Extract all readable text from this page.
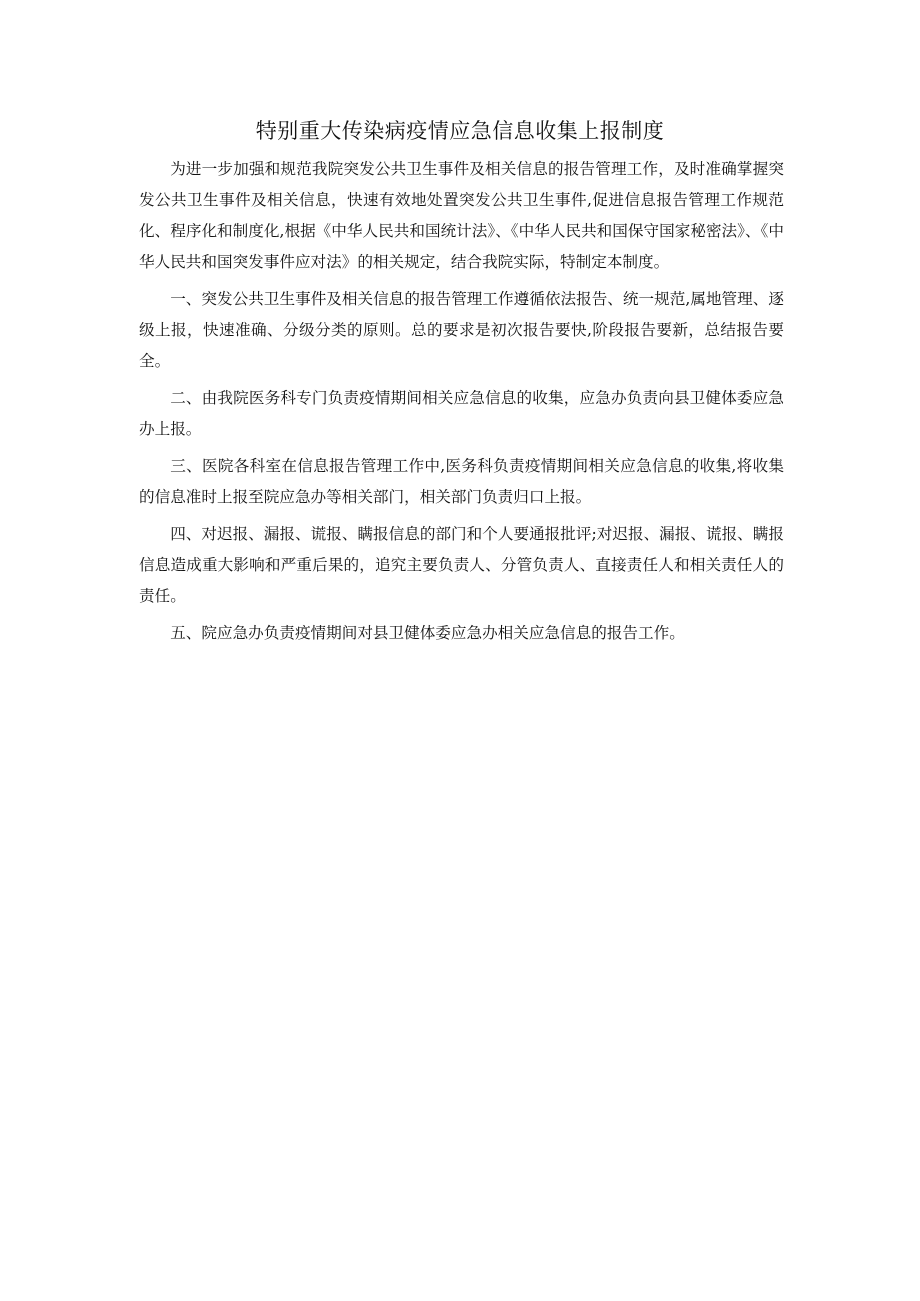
特别重大传染病疫情应急信息收集上报制度

为进一步加强和规范我院突发公共卫生事件及相关信息的报告管理工作，及时准确掌握突发公共卫生事件及相关信息，快速有效地处置突发公共卫生事件,促进信息报告管理工作规范化、程序化和制度化,根据《中华人民共和国统计法》、《中华人民共和国保守国家秘密法》、《中华人民共和国突发事件应对法》的相关规定，结合我院实际，特制定本制度。

一、突发公共卫生事件及相关信息的报告管理工作遵循依法报告、统一规范,属地管理、逐级上报，快速准确、分级分类的原则。总的要求是初次报告要快,阶段报告要新，总结报告要全。

二、由我院医务科专门负责疫情期间相关应急信息的收集，应急办负责向县卫健体委应急办上报。

三、医院各科室在信息报告管理工作中,医务科负责疫情期间相关应急信息的收集,将收集的信息准时上报至院应急办等相关部门，相关部门负责归口上报。

四、对迟报、漏报、谎报、瞒报信息的部门和个人要通报批评;对迟报、漏报、谎报、瞒报信息造成重大影响和严重后果的，追究主要负责人、分管负责人、直接责任人和相关责任人的责任。

五、院应急办负责疫情期间对县卫健体委应急办相关应急信息的报告工作。
